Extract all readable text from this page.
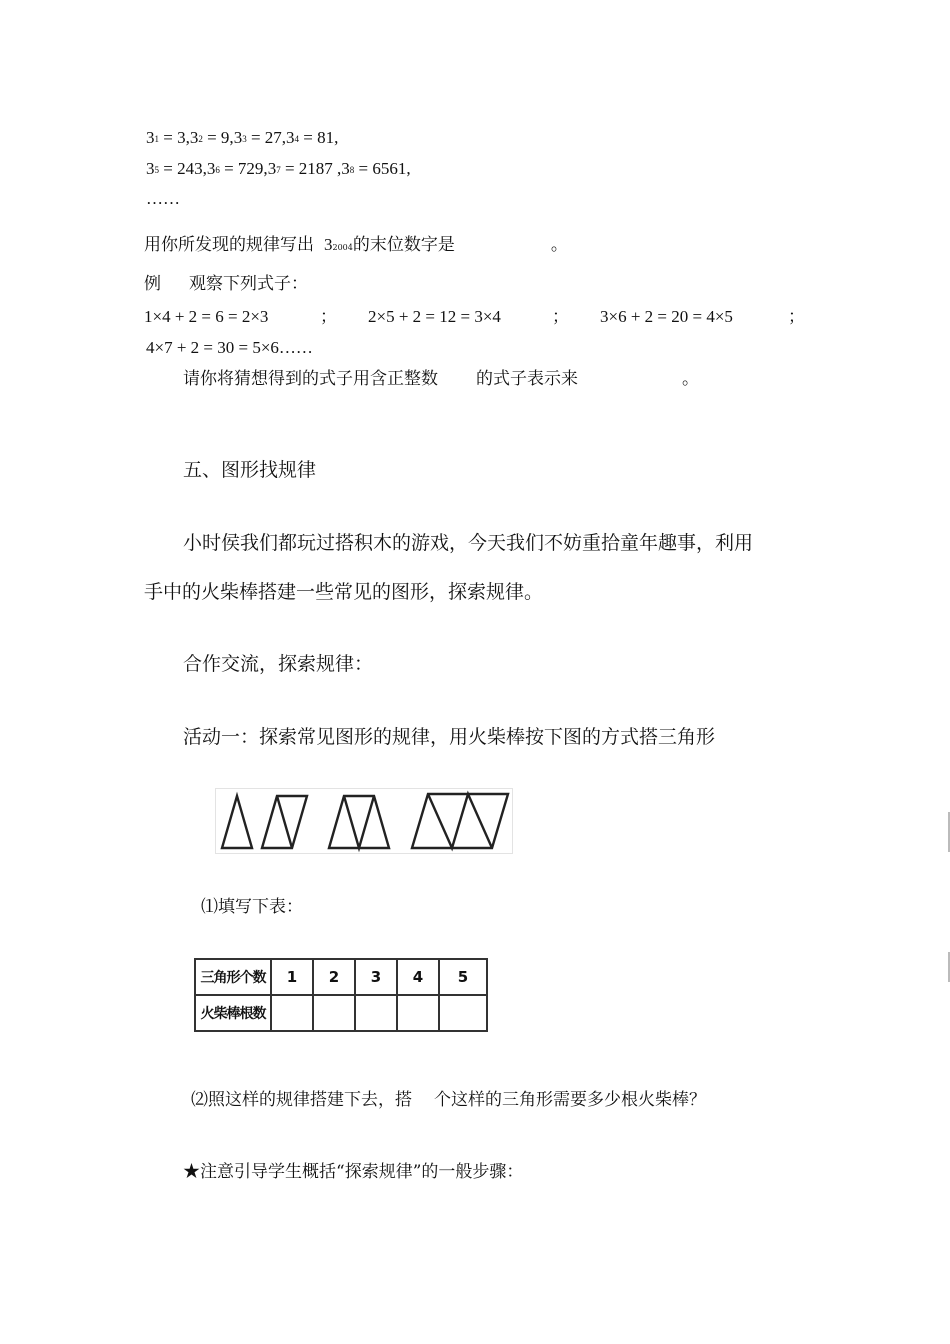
$3^1 = 3,3^2 = 9,3^3 = 27,3^4 = 81$,
$3^5 = 243,3^6 = 729,3^7 = 2187$ $,3^8 = 6561$,
……
用你所发现的规律写出 32004的末位数字是	。
例 观察下列式子：
1×4 + 2 = 6 = 2×3	； 2×5 + 2 = 12 = 3×4	； 3×6 + 2 = 20 = 4×5	；
4×7 + 2 = 30 = 5×6……
请你将猜想得到的式子用含正整数 的式子表示来	。
五、图形找规律
小时侯我们都玩过搭积木的游戏，今天我们不妨重拾童年趣事，利用
手中的火柴棒搭建一些常见的图形，探索规律。
合作交流，探索规律：
活动一：探索常见图形的规律，用火柴棒按下图的方式搭三角形
⑴填写下表：
三角形个数	1	2	3	4	5
火柴棒根数					
⑵照这样的规律搭建下去，搭 个这样的三角形需要多少根火柴棒？
★注意引导学生概括“探索规律”的一般步骤：
